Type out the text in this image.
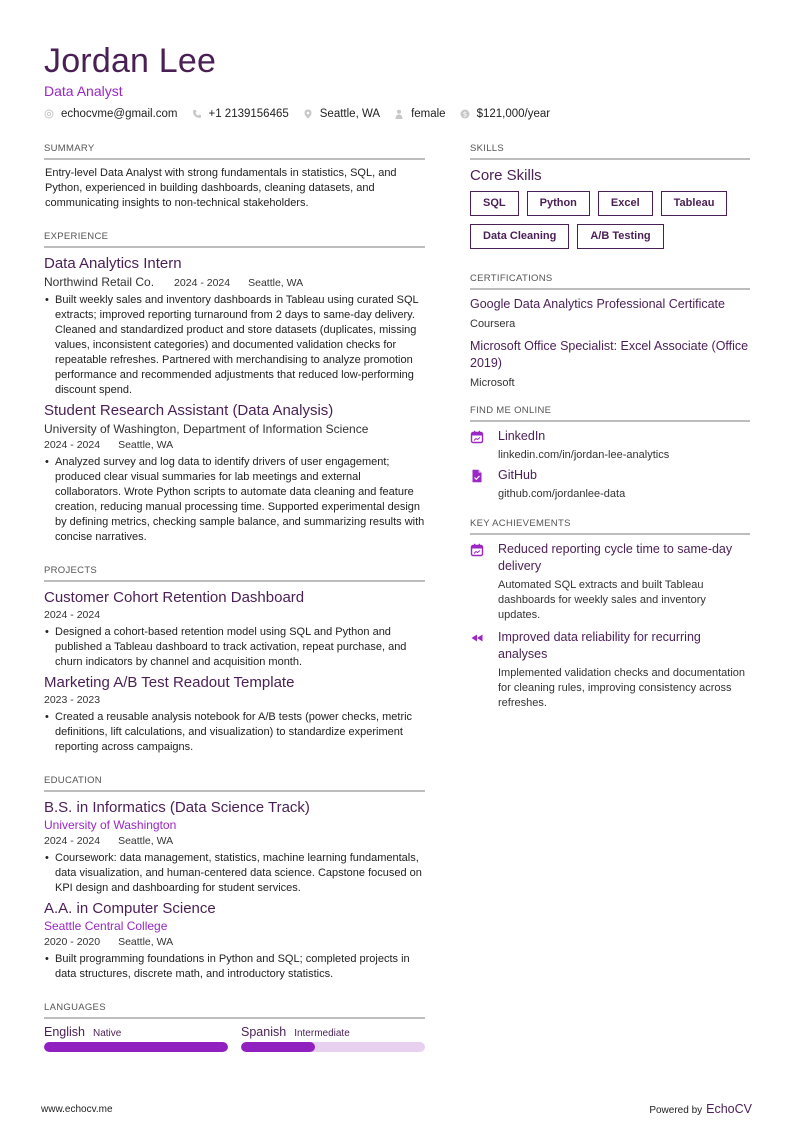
Jordan Lee
Data Analyst
echocvme@gmail.com	+1 2139156465	Seattle, WA	female $ $121,000/year
SUMMARY
Entry-level Data Analyst with strong fundamentals in statistics, SQL, and Python, experienced in building dashboards, cleaning datasets, and communicating insights to non-technical stakeholders.
EXPERIENCE
Data Analytics Intern
Northwind Retail Co. 2024 - 2024 Seattle, WA
• Built weekly sales and inventory dashboards in Tableau using curated SQL extracts; improved reporting turnaround from 2 days to same-day delivery. Cleaned and standardized product and store datasets (duplicates, missing values, inconsistent categories) and documented validation checks for repeatable refreshes. Partnered with merchandising to analyze promotion performance and recommended adjustments that reduced low-performing discount spend.
Student Research Assistant (Data Analysis)
University of Washington, Department of Information Science
2024 - 2024 Seattle, WA
• Analyzed survey and log data to identify drivers of user engagement; produced clear visual summaries for lab meetings and external collaborators. Wrote Python scripts to automate data cleaning and feature creation, reducing manual processing time. Supported experimental design by defining metrics, checking sample balance, and summarizing results with concise narratives.
PROJECTS
Customer Cohort Retention Dashboard
2024 - 2024
• Designed a cohort-based retention model using SQL and Python and published a Tableau dashboard to track activation, repeat purchase, and churn indicators by channel and acquisition month.
Marketing A/B Test Readout Template
2023 - 2023
• Created a reusable analysis notebook for A/B tests (power checks, metric definitions, lift calculations, and visualization) to standardize experiment reporting across campaigns.
EDUCATION
B.S. in Informatics (Data Science Track)
University of Washington
2024 - 2024 Seattle, WA
• Coursework: data management, statistics, machine learning fundamentals, data visualization, and human-centered data science. Capstone focused on KPI design and dashboarding for student services.
A.A. in Computer Science
Seattle Central College
2020 - 2020 Seattle, WA
• Built programming foundations in Python and SQL; completed projects in data structures, discrete math, and introductory statistics.
LANGUAGES
English Native	Spanish Intermediate
SKILLS
Core Skills
SQL	Python	Excel	Tableau
Data Cleaning	A/B Testing
CERTIFICATIONS
Google Data Analytics Professional Certificate
Coursera
Microsoft Office Specialist: Excel Associate (Office 2019)
Microsoft
FIND ME ONLINE
LinkedIn
linkedin.com/in/jordan-lee-analytics
GitHub
github.com/jordanlee-data
KEY ACHIEVEMENTS
Reduced reporting cycle time to same-day delivery
Automated SQL extracts and built Tableau dashboards for weekly sales and inventory updates.
Improved data reliability for recurring analyses
Implemented validation checks and documentation for cleaning rules, improving consistency across refreshes.
www.echocv.me	Powered by EchoCV
